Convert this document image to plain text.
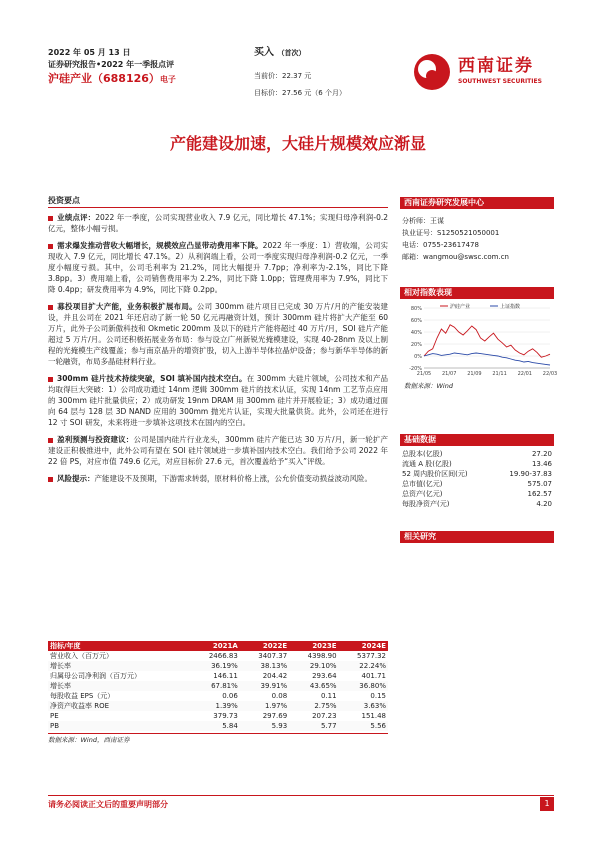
2022 年 05 月 13 日
证券研究报告•2022 年一季报点评
沪硅产业（688126）电子
买入 （首次）
当前价：22.37 元
目标价：27.56 元（6 个月）
西南证券
SOUTHWEST SECURITIES
产能建设加速，大硅片规模效应渐显
投资要点
业绩点评：2022 年一季度，公司实现营业收入 7.9 亿元，同比增长 47.1%；实现归母净利润-0.2 亿元，整体小幅亏损。
需求爆发推动营收大幅增长，规模效应凸显带动费用率下降。2022 年一季度：1）营收端，公司实现收入 7.9 亿元，同比增长 47.1%。2）从利润端上看，公司一季度实现归母净利润-0.2 亿元，一季度小幅度亏损。其中，公司毛利率为 21.2%，同比大幅提升 7.7pp；净利率为-2.1%，同比下降 3.8pp。3）费用端上看，公司销售费用率为 2.2%，同比下降 1.0pp；管理费用率为 7.9%，同比下降 0.4pp；研发费用率为 4.9%，同比下降 0.2pp。
募投项目扩大产能，业务积极扩展布局。公司 300mm 硅片项目已完成 30 万片/月的产能安装建设，并且公司在 2021 年还启动了新一轮 50 亿元再融资计划，预计 300mm 硅片将扩大产能至 60 万片，此外子公司新傲科技和 Okmetic 200mm 及以下的硅片产能将超过 40 万片/月，SOI 硅片产能超过 5 万片/月。公司还积极拓展业务布局：参与设立广州新锐光掩模建设，实现 40-28nm 及以上制程的光掩模生产线覆盖；参与南京晶升的增资扩股，切入上游半导体拉晶炉设备；参与新华半导体的新一轮融资，布局多晶硅材料行业。
300mm 硅片技术持续突破，SOI 填补国内技术空白。在 300mm 大硅片领域，公司技术和产品均取得巨大突破：1）公司成功通过 14nm 逻辑 300mm 硅片的技术认证，实现 14nm 工艺节点应用的 300mm 硅片批量供应；2）成功研发 19nm DRAM 用 300mm 硅片并开展验证；3）成功通过面向 64 层与 128 层 3D NAND 应用的 300mm 抛光片认证，实现大批量供货。此外，公司还在进行 12 寸 SOI 研发，未来将进一步填补这项技术在国内的空白。
盈利预测与投资建议：公司是国内硅片行业龙头，300mm 硅片产能已达 30 万片/月，新一轮扩产建设正积极推进中，此外公司有望在 SOI 硅片领域进一步填补国内技术空白。我们给予公司 2022 年 22 倍 PS，对应市值 749.6 亿元，对应目标价 27.6 元，首次覆盖给予“买入”评级。
风险提示：产能建设不及预期，下游需求转弱，原材料价格上涨，公允价值变动损益波动风险。
指标/年度	2021A	2022E	2023E	2024E
营业收入（百万元）	2466.83	3407.37	4398.90	5377.32
增长率	36.19%	38.13%	29.10%	22.24%
归属母公司净利润（百万元）	146.11	204.42	293.64	401.71
增长率	67.81%	39.91%	43.65%	36.80%
每股收益 EPS（元）	0.06	0.08	0.11	0.15
净资产收益率 ROE	1.39%	1.97%	2.75%	3.63%
PE	379.73	297.69	207.23	151.48
PB	5.84	5.93	5.77	5.56
数据来源：Wind，西南证券
西南证券研究发展中心
分析师：王谋
执业证号：S1250521050001
电话：0755-23617478
邮箱：wangmou@swsc.com.cn
相对指数表现
80%
60%
40%
20%
0%
-20%
21/05 21/07 21/09 21/11 22/01 22/03
沪硅产业	上证指数
数据来源：Wind
基础数据
总股本(亿股)	27.20
流通 A 股(亿股)	13.46
52 周内股价区间(元)	19.90-37.83
总市值(亿元)	575.07
总资产(亿元)	162.57
每股净资产(元)	4.20
相关研究
请务必阅读正文后的重要声明部分	1
